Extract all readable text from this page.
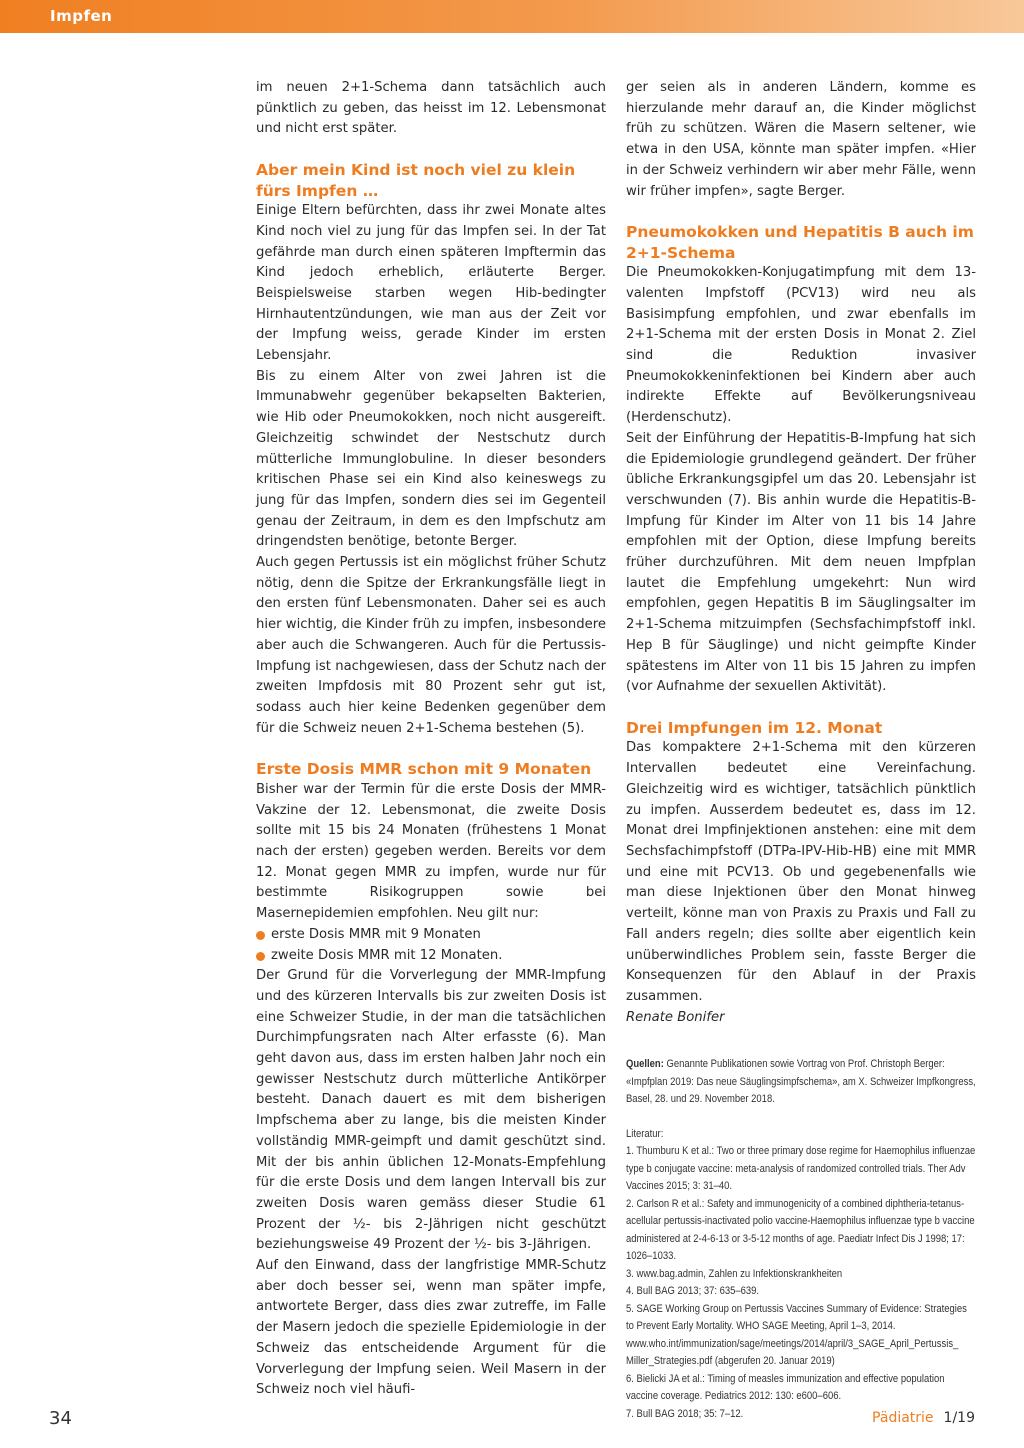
Impfen

im neuen 2+1-Schema dann tatsächlich auch pünktlich zu geben, das heisst im 12. Lebensmonat und nicht erst später.

Aber mein Kind ist noch viel zu klein fürs Impfen …

Einige Eltern befürchten, dass ihr zwei Monate altes Kind noch viel zu jung für das Impfen sei. In der Tat gefährde man durch einen späteren Impftermin das Kind jedoch erheblich, erläuterte Berger. Beispielsweise starben wegen Hib-bedingter Hirnhautentzündungen, wie man aus der Zeit vor der Impfung weiss, gerade Kinder im ersten Lebensjahr.

Bis zu einem Alter von zwei Jahren ist die Immunabwehr gegenüber bekapselten Bakterien, wie Hib oder Pneumokokken, noch nicht ausgereift. Gleichzeitig schwindet der Nestschutz durch mütterliche Immunglobuline. In dieser besonders kritischen Phase sei ein Kind also keineswegs zu jung für das Impfen, sondern dies sei im Gegenteil genau der Zeitraum, in dem es den Impfschutz am dringendsten benötige, betonte Berger.

Auch gegen Pertussis ist ein möglichst früher Schutz nötig, denn die Spitze der Erkrankungsfälle liegt in den ersten fünf Lebensmonaten. Daher sei es auch hier wichtig, die Kinder früh zu impfen, insbesondere aber auch die Schwangeren. Auch für die Pertussis-Impfung ist nachgewiesen, dass der Schutz nach der zweiten Impfdosis mit 80 Prozent sehr gut ist, sodass auch hier keine Bedenken gegenüber dem für die Schweiz neuen 2+1-Schema bestehen (5).

Erste Dosis MMR schon mit 9 Monaten

Bisher war der Termin für die erste Dosis der MMR-Vakzine der 12. Lebensmonat, die zweite Dosis sollte mit 15 bis 24 Monaten (frühestens 1 Monat nach der ersten) gegeben werden. Bereits vor dem 12. Monat gegen MMR zu impfen, wurde nur für bestimmte Risikogruppen sowie bei Masernepidemien empfohlen. Neu gilt nur:

erste Dosis MMR mit 9 Monaten
zweite Dosis MMR mit 12 Monaten.

Der Grund für die Vorverlegung der MMR-Impfung und des kürzeren Intervalls bis zur zweiten Dosis ist eine Schweizer Studie, in der man die tatsächlichen Durchimpfungsraten nach Alter erfasste (6). Man geht davon aus, dass im ersten halben Jahr noch ein gewisser Nestschutz durch mütterliche Antikörper besteht. Danach dauert es mit dem bisherigen Impfschema aber zu lange, bis die meisten Kinder vollständig MMR-geimpft und damit geschützt sind. Mit der bis anhin üblichen 12-Monats-Empfehlung für die erste Dosis und dem langen Intervall bis zur zweiten Dosis waren gemäss dieser Studie 61 Prozent der ½- bis 2-Jährigen nicht geschützt beziehungsweise 49 Prozent der ½- bis 3-Jährigen.

Auf den Einwand, dass der langfristige MMR-Schutz aber doch besser sei, wenn man später impfe, antwortete Berger, dass dies zwar zutreffe, im Falle der Masern jedoch die spezielle Epidemiologie in der Schweiz das entscheidende Argument für die Vorverlegung der Impfung seien. Weil Masern in der Schweiz noch viel häufi-

ger seien als in anderen Ländern, komme es hierzulande mehr darauf an, die Kinder möglichst früh zu schützen. Wären die Masern seltener, wie etwa in den USA, könnte man später impfen. «Hier in der Schweiz verhindern wir aber mehr Fälle, wenn wir früher impfen», sagte Berger.

Pneumokokken und Hepatitis B auch im 2+1-Schema

Die Pneumokokken-Konjugatimpfung mit dem 13-valenten Impfstoff (PCV13) wird neu als Basisimpfung empfohlen, und zwar ebenfalls im 2+1-Schema mit der ersten Dosis in Monat 2. Ziel sind die Reduktion invasiver Pneumokokkeninfektionen bei Kindern aber auch indirekte Effekte auf Bevölkerungsniveau (Herdenschutz).

Seit der Einführung der Hepatitis-B-Impfung hat sich die Epidemiologie grundlegend geändert. Der früher übliche Erkrankungsgipfel um das 20. Lebensjahr ist verschwunden (7). Bis anhin wurde die Hepatitis-B-Impfung für Kinder im Alter von 11 bis 14 Jahre empfohlen mit der Option, diese Impfung bereits früher durchzuführen. Mit dem neuen Impfplan lautet die Empfehlung umgekehrt: Nun wird empfohlen, gegen Hepatitis B im Säuglingsalter im 2+1-Schema mitzuimpfen (Sechsfachimpfstoff inkl. Hep B für Säuglinge) und nicht geimpfte Kinder spätestens im Alter von 11 bis 15 Jahren zu impfen (vor Aufnahme der sexuellen Aktivität).

Drei Impfungen im 12. Monat

Das kompaktere 2+1-Schema mit den kürzeren Intervallen bedeutet eine Vereinfachung. Gleichzeitig wird es wichtiger, tatsächlich pünktlich zu impfen. Ausserdem bedeutet es, dass im 12. Monat drei Impfinjektionen anstehen: eine mit dem Sechsfachimpfstoff (DTPa-IPV-Hib-HB) eine mit MMR und eine mit PCV13. Ob und gegebenenfalls wie man diese Injektionen über den Monat hinweg verteilt, könne man von Praxis zu Praxis und Fall zu Fall anders regeln; dies sollte aber eigentlich kein unüberwindliches Problem sein, fasste Berger die Konsequenzen für den Ablauf in der Praxis zusammen.

Renate Bonifer

Quellen: Genannte Publikationen sowie Vortrag von Prof. Christoph Berger: «Impfplan 2019: Das neue Säuglingsimpfschema», am X. Schweizer Impfkongress, Basel, 28. und 29. November 2018.
Literatur:
1. Thumburu K et al.: Two or three primary dose regime for Haemophilus influenzae type b conjugate vaccine: meta-analysis of randomized controlled trials. Ther Adv Vaccines 2015; 3: 31–40.
2. Carlson R et al.: Safety and immunogenicity of a combined diphtheria-tetanus-acellular pertussis-inactivated polio vaccine-Haemophilus influenzae type b vaccine administered at 2-4-6-13 or 3-5-12 months of age. Paediatr Infect Dis J 1998; 17: 1026–1033.
3. www.bag.admin, Zahlen zu Infektionskrankheiten
4. Bull BAG 2013; 37: 635–639.
5. SAGE Working Group on Pertussis Vaccines Summary of Evidence: Strategies to Prevent Early Mortality. WHO SAGE Meeting, April 1–3, 2014. www.who.int/immunization/sage/meetings/2014/april/3_SAGE_April_Pertussis_ Miller_Strategies.pdf (abgerufen 20. Januar 2019)
6. Bielicki JA et al.: Timing of measles immunization and effective population vaccine coverage. Pediatrics 2012: 130: e600–606.
7. Bull BAG 2018; 35: 7–12.
34	Pädiatrie 1/19
